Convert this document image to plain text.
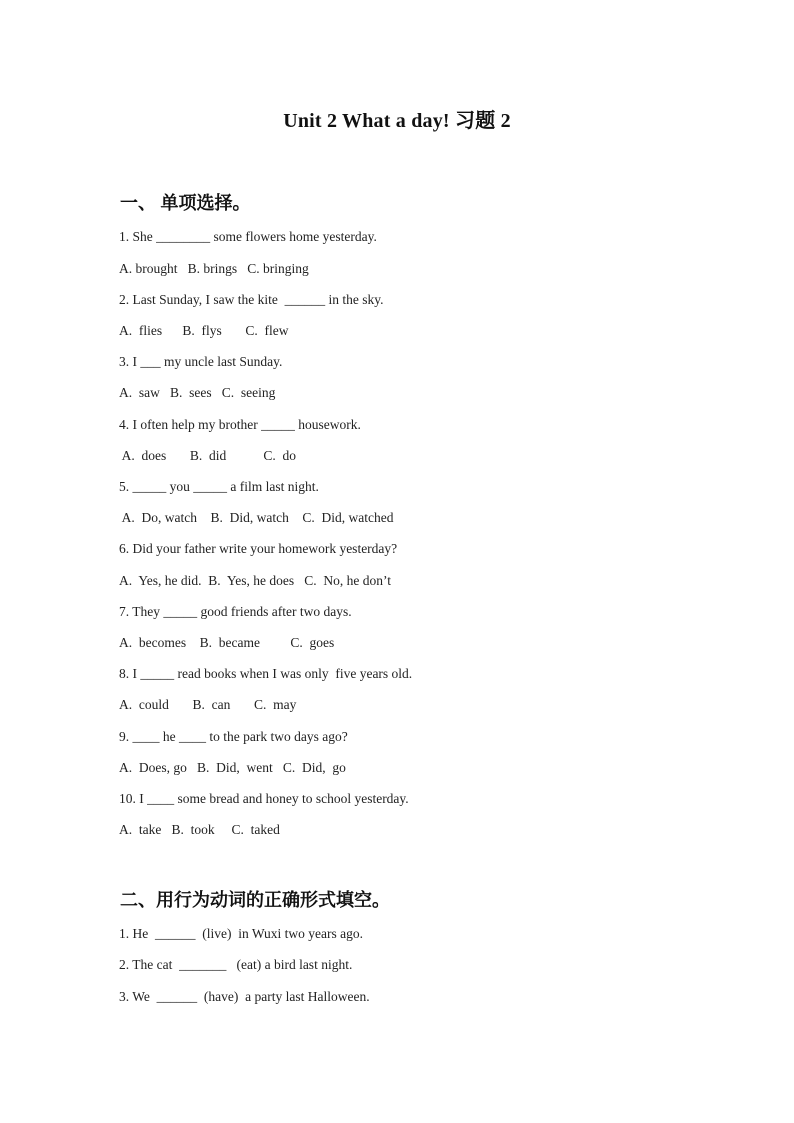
Unit 2 What a day! 习题 2
一、 单项选择。
1. She ________ some flowers home yesterday.
A. brought   B. brings   C. bringing
2. Last Sunday, I saw the kite  ______ in the sky.
A.  flies      B.  flys       C.  flew
3. I ___ my uncle last Sunday.
A.  saw   B.  sees   C.  seeing
4. I often help my brother _____ housework.
A.  does       B.  did           C.  do
5. _____ you _____ a film last night.
A.  Do, watch    B.  Did, watch    C.  Did, watched
6. Did your father write your homework yesterday?
A.  Yes, he did.  B.  Yes, he does   C.  No, he don’t
7. They _____ good friends after two days.
A.  becomes    B.  became         C.  goes
8. I _____ read books when I was only  five years old.
A.  could       B.  can       C.  may
9. ____ he ____ to the park two days ago?
A.  Does, go   B.  Did,  went   C.  Did,  go
10. I ____ some bread and honey to school yesterday.
A.  take   B.  took     C.  taked
二、用行为动词的正确形式填空。
1. He  ______  (live)  in Wuxi two years ago.
2. The cat  _______   (eat) a bird last night.
3. We  ______  (have)  a party last Halloween.
